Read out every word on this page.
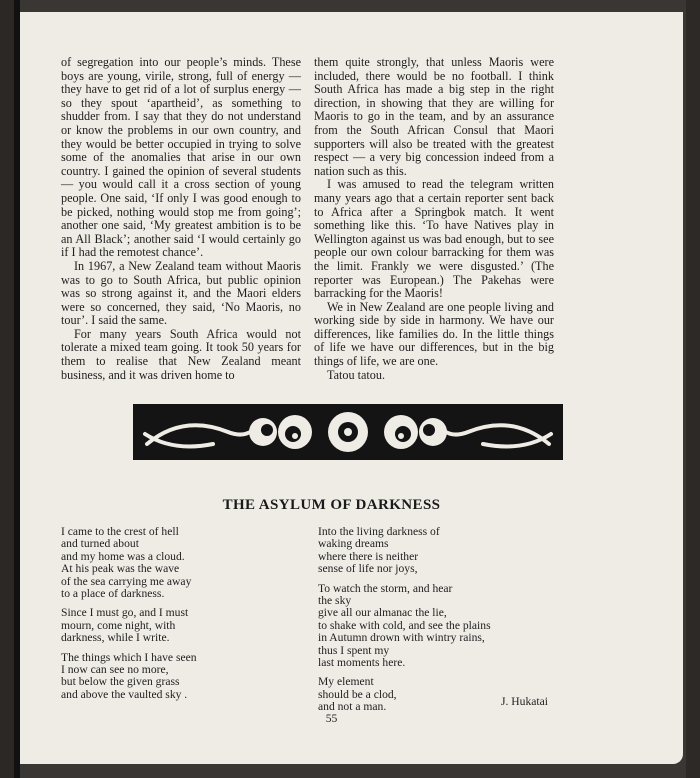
of segregation into our people’s minds. These boys are young, virile, strong, full of energy — they have to get rid of a lot of surplus energy — so they spout ‘apartheid’, as something to shudder from. I say that they do not understand or know the problems in our own country, and they would be better occupied in trying to solve some of the anomalies that arise in our own country. I gained the opinion of several students — you would call it a cross section of young people. One said, ‘If only I was good enough to be picked, nothing would stop me from going’; another one said, ‘My greatest ambition is to be an All Black’; another said ‘I would certainly go if I had the remotest chance’.

In 1967, a New Zealand team without Maoris was to go to South Africa, but public opinion was so strong against it, and the Maori elders were so concerned, they said, ‘No Maoris, no tour’. I said the same.

For many years South Africa would not tolerate a mixed team going. It took 50 years for them to realise that New Zealand meant business, and it was driven home to

them quite strongly, that unless Maoris were included, there would be no football. I think South Africa has made a big step in the right direction, in showing that they are willing for Maoris to go in the team, and by an assurance from the South African Consul that Maori supporters will also be treated with the greatest respect — a very big concession indeed from a nation such as this.

I was amused to read the telegram written many years ago that a certain reporter sent back to Africa after a Springbok match. It went something like this. ‘To have Natives play in Wellington against us was bad enough, but to see people our own colour barracking for them was the limit. Frankly we were disgusted.’ (The reporter was European.) The Pakehas were barracking for the Maoris!

We in New Zealand are one people living and working side by side in harmony. We have our differences, like families do. In the little things of life we have our differences, but in the big things of life, we are one.

Tatou tatou.

THE ASYLUM OF DARKNESS
I came to the crest of hell
and turned about
and my home was a cloud.
At his peak was the wave
of the sea carrying me away
to a place of darkness.
Since I must go, and I must
mourn, come night, with
darkness, while I write.
The things which I have seen
I now can see no more,
but below the given grass
and above the vaulted sky .
Into the living darkness of
waking dreams
where there is neither
sense of life nor joys,
To watch the storm, and hear
the sky
give all our almanac the lie,
to shake with cold, and see the plains
in Autumn drown with wintry rains,
thus I spent my
last moments here.
My element
should be a clod,
and not a man.	J. Hukatai
55
